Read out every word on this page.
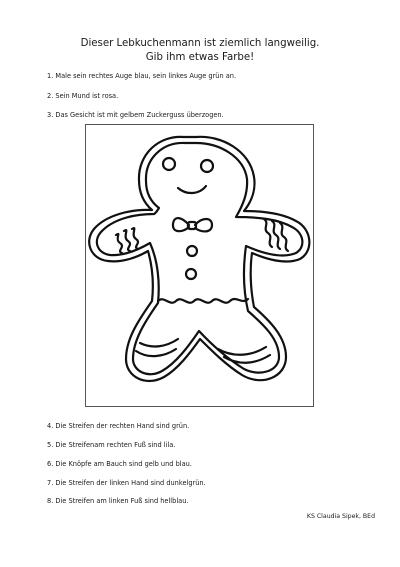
Dieser Lebkuchenmann ist ziemlich langweilig.
Gib ihm etwas Farbe!
1. Male sein rechtes Auge blau, sein linkes Auge grün an.
2. Sein Mund ist rosa.
3. Das Gesicht ist mit gelbem Zuckerguss überzogen.
4. Die Streifen der rechten Hand sind grün.
5. Die Streifenam rechten Fuß sind lila.
6. Die Knöpfe am Bauch sind gelb und blau.
7. Die Streifen der linken Hand sind dunkelgrün.
8. Die Streifen am linken Fuß sind hellblau.
KS Claudia Sipek, BEd
